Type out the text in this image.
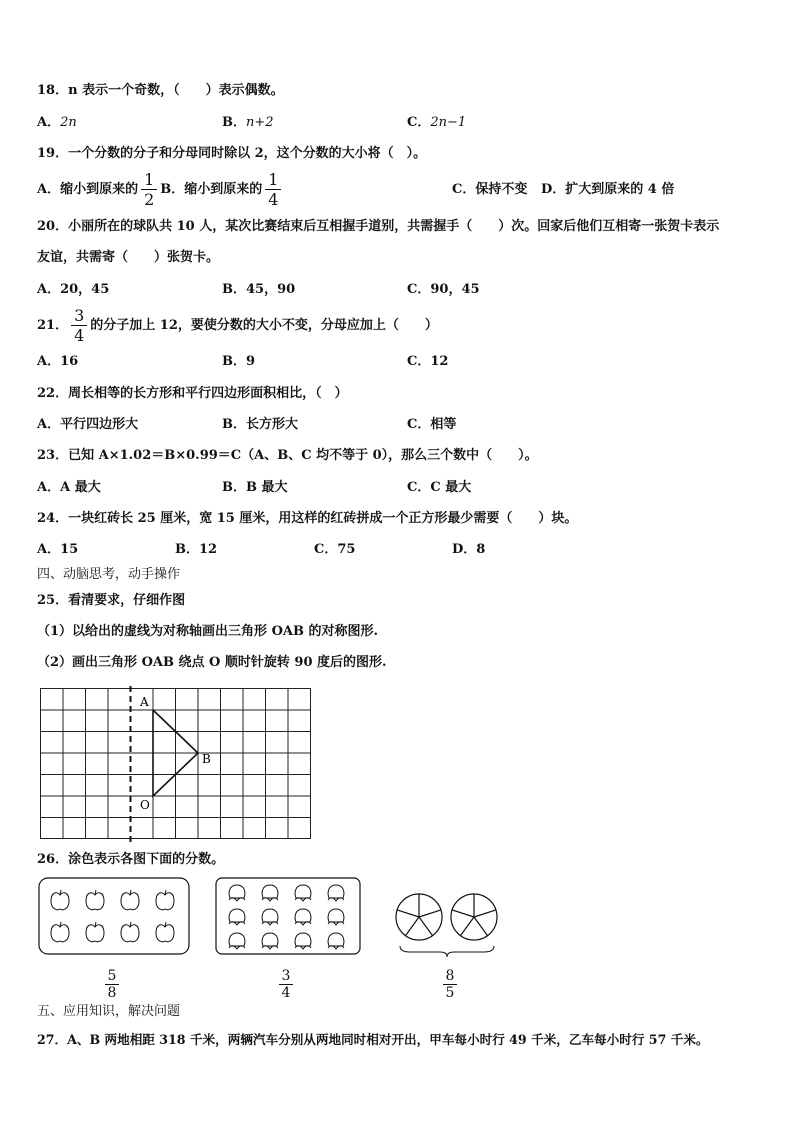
18．n 表示一个奇数，（　　）表示偶数。
A．2n	B．n+2	C．2n−1
19．一个分数的分子和分母同时除以 2，这个分数的大小将（　）。
A．缩小到原来的 $\frac{1}{2}$ B．缩小到原来的 $\frac{1}{4}$	C．保持不变 D．扩大到原来的 4 倍
20．小丽所在的球队共 10 人，某次比赛结束后互相握手道别，共需握手（　　）次。回家后他们互相寄一张贺卡表示
友谊，共需寄（　　）张贺卡。
A．20，45	B．45，90	C．90，45
21． $\frac{3}{4}$ 的分子加上 12，要使分数的大小不变，分母应加上（　　）
A．16	B．9	C．12
22．周长相等的长方形和平行四边形面积相比，（　）
A．平行四边形大	B．长方形大	C．相等
23．已知 A×1.02＝B×0.99＝C（A、B、C 均不等于 0），那么三个数中（　　）。
A．A 最大	B．B 最大	C．C 最大
24．一块红砖长 25 厘米，宽 15 厘米，用这样的红砖拼成一个正方形最少需要（　　）块。
A．15	B．12	C．75	D．8
四、动脑思考，动手操作
25．看清要求，仔细作图
（1）以给出的虚线为对称轴画出三角形 OAB 的对称图形.
（2）画出三角形 OAB 绕点 O 顺时针旋转 90 度后的图形.
A
B
O
26．涂色表示各图下面的分数。
5
8
3
4
8
5
五、应用知识，解决问题
27．A、B 两地相距 318 千米，两辆汽车分别从两地同时相对开出，甲车每小时行 49 千米，乙车每小时行 57 千米。
